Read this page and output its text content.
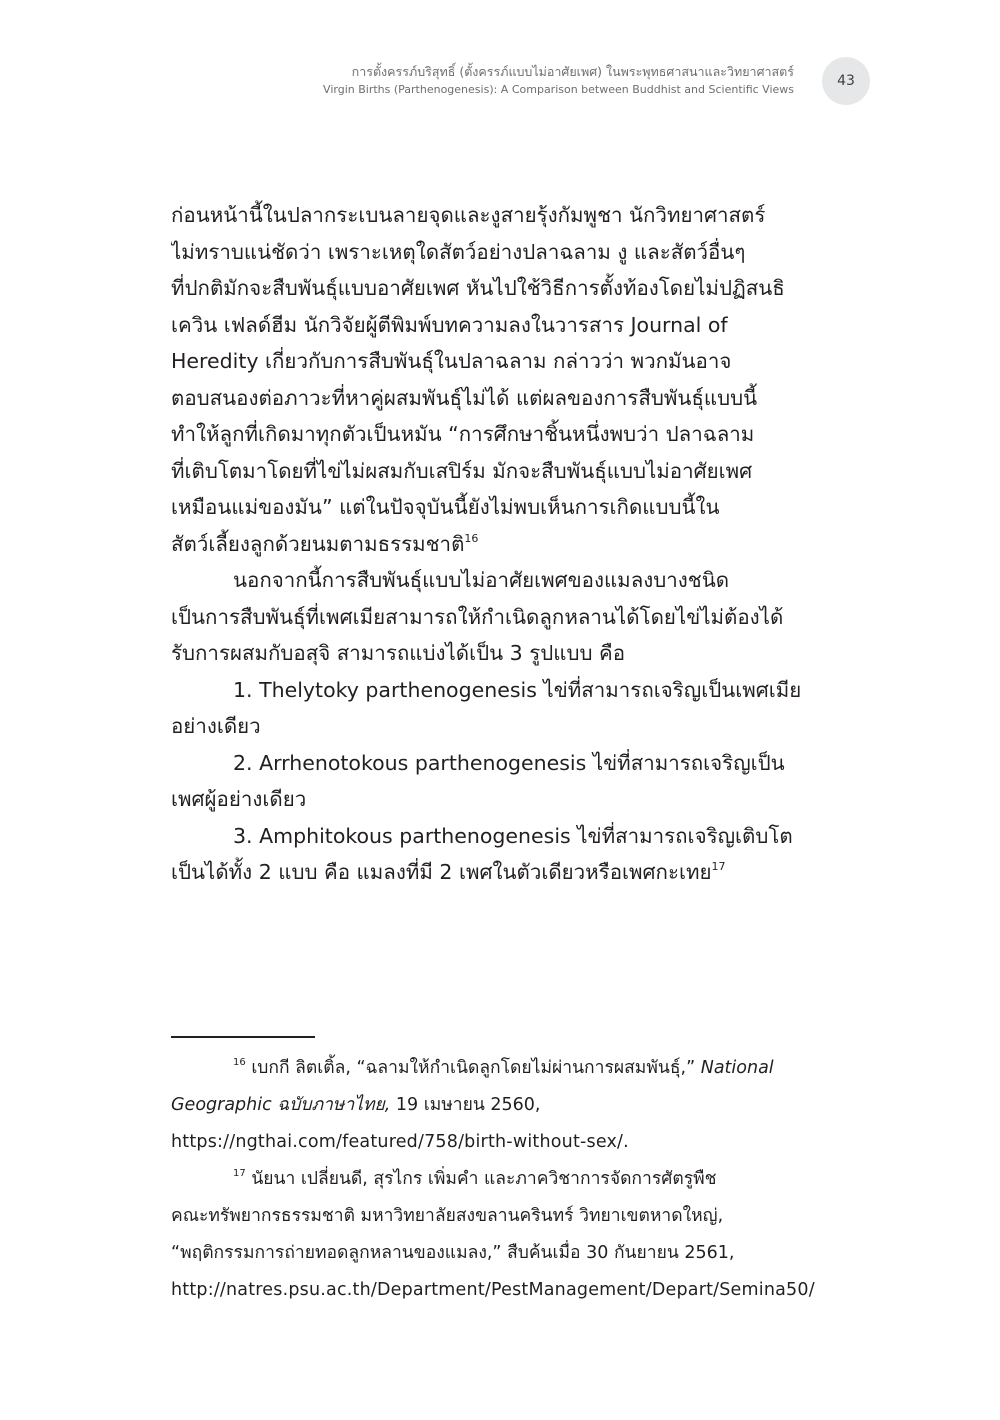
การตั้งครรภ์บริสุทธิ์ (ตั้งครรภ์แบบไม่อาศัยเพศ) ในพระพุทธศาสนาและวิทยาศาสตร์
Virgin Births (Parthenogenesis): A Comparison between Buddhist and Scientific Views
43
ก่อนหน้านี้ในปลากระเบนลายจุดและงูสายรุ้งกัมพูชา นักวิทยาศาสตร์
ไม่ทราบแน่ชัดว่า เพราะเหตุใดสัตว์อย่างปลาฉลาม งู และสัตว์อื่นๆ
ที่ปกติมักจะสืบพันธุ์แบบอาศัยเพศ หันไปใช้วิธีการตั้งท้องโดยไม่ปฏิสนธิ
เควิน เฟลด์ฮีม นักวิจัยผู้ตีพิมพ์บทความลงในวารสาร Journal of
Heredity เกี่ยวกับการสืบพันธุ์ในปลาฉลาม กล่าวว่า พวกมันอาจ
ตอบสนองต่อภาวะที่หาคู่ผสมพันธุ์ไม่ได้ แต่ผลของการสืบพันธุ์แบบนี้
ทำให้ลูกที่เกิดมาทุกตัวเป็นหมัน “การศึกษาชิ้นหนึ่งพบว่า ปลาฉลาม
ที่เติบโตมาโดยที่ไข่ไม่ผสมกับเสปิร์ม มักจะสืบพันธุ์แบบไม่อาศัยเพศ
เหมือนแม่ของมัน” แต่ในปัจจุบันนี้ยังไม่พบเห็นการเกิดแบบนี้ใน
สัตว์เลี้ยงลูกด้วยนมตามธรรมชาติ$^{16}$
นอกจากนี้การสืบพันธุ์แบบไม่อาศัยเพศของแมลงบางชนิด
เป็นการสืบพันธุ์ที่เพศเมียสามารถให้กำเนิดลูกหลานได้โดยไข่ไม่ต้องได้
รับการผสมกับอสุจิ สามารถแบ่งได้เป็น 3 รูปแบบ คือ
1. Thelytoky parthenogenesis ไข่ที่สามารถเจริญเป็นเพศเมีย
อย่างเดียว
2. Arrhenotokous parthenogenesis ไข่ที่สามารถเจริญเป็น
เพศผู้อย่างเดียว
3. Amphitokous parthenogenesis ไข่ที่สามารถเจริญเติบโต
เป็นได้ทั้ง 2 แบบ คือ แมลงที่มี 2 เพศในตัวเดียวหรือเพศกะเทย$^{17}$
$^{16}$ เบกกี ลิตเติ้ล, “ฉลามให้กำเนิดลูกโดยไม่ผ่านการผสมพันธุ์,” National
Geographic ฉบับภาษาไทย, 19 เมษายน 2560,
https://ngthai.com/featured/758/birth-without-sex/.
$^{17}$ นัยนา เปลี่ยนดี, สุรไกร เพิ่มคำ และภาควิชาการจัดการศัตรูพืช
คณะทรัพยากรธรรมชาติ มหาวิทยาลัยสงขลานครินทร์ วิทยาเขตหาดใหญ่,
“พฤติกรรมการถ่ายทอดลูกหลานของแมลง,” สืบค้นเมื่อ 30 กันยายน 2561,
http://natres.psu.ac.th/Department/PestManagement/Depart/Semina50/
